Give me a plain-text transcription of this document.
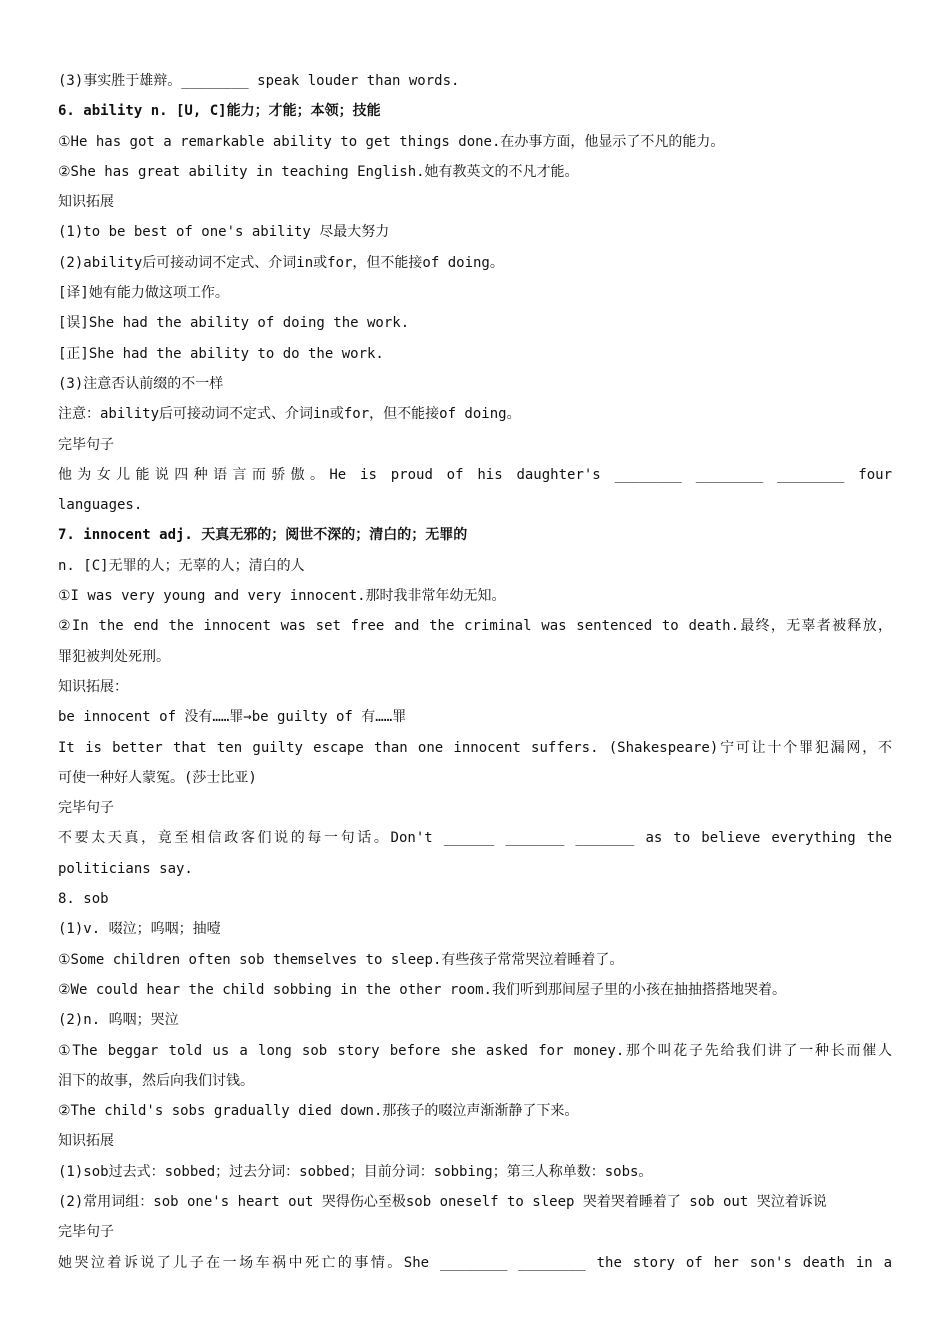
(3)事实胜于雄辩。________ speak louder than words.
6. ability n. [U, C]能力；才能；本领；技能
①He has got a remarkable ability to get things done.在办事方面，他显示了不凡的能力。
②She has great ability in teaching English.她有教英文的不凡才能。
知识拓展
(1)to be best of one's ability 尽最大努力
(2)ability后可接动词不定式、介词in或for，但不能接of doing。
[译]她有能力做这项工作。
[误]She had the ability of doing the work.
[正]She had the ability to do the work.
(3)注意否认前缀的不一样
注意：ability后可接动词不定式、介词in或for，但不能接of doing。
完毕句子
他为女儿能说四种语言而骄傲。He is proud of his daughter's ________ ________ ________ four
languages.
7. innocent adj. 天真无邪的；阅世不深的；清白的；无罪的
n. [C]无罪的人；无辜的人；清白的人
①I was very young and very innocent.那时我非常年幼无知。
②In the end the innocent was set free and the criminal was sentenced to death.最终，无辜者被释放，
罪犯被判处死刑。
知识拓展：
be innocent of 没有……罪→be guilty of 有……罪
It is better that ten guilty escape than one innocent suffers. (Shakespeare)宁可让十个罪犯漏网，不
可使一种好人蒙冤。(莎士比亚)
完毕句子
不要太天真，竟至相信政客们说的每一句话。Don't ______ _______ _______ as to believe everything the
politicians say.
8. sob
(1)v. 啜泣；呜咽；抽噎
①Some children often sob themselves to sleep.有些孩子常常哭泣着睡着了。
②We could hear the child sobbing in the other room.我们听到那间屋子里的小孩在抽抽搭搭地哭着。
(2)n. 呜咽；哭泣
①The beggar told us a long sob story before she asked for money.那个叫花子先给我们讲了一种长而催人
泪下的故事，然后向我们讨钱。
②The child's sobs gradually died down.那孩子的啜泣声渐渐静了下来。
知识拓展
(1)sob过去式：sobbed；过去分词：sobbed；目前分词：sobbing；第三人称单数：sobs。
(2)常用词组：sob one's heart out 哭得伤心至极sob oneself to sleep 哭着哭着睡着了 sob out 哭泣着诉说
完毕句子
她哭泣着诉说了儿子在一场车祸中死亡的事情。She ________ ________ the story of her son's death in a
